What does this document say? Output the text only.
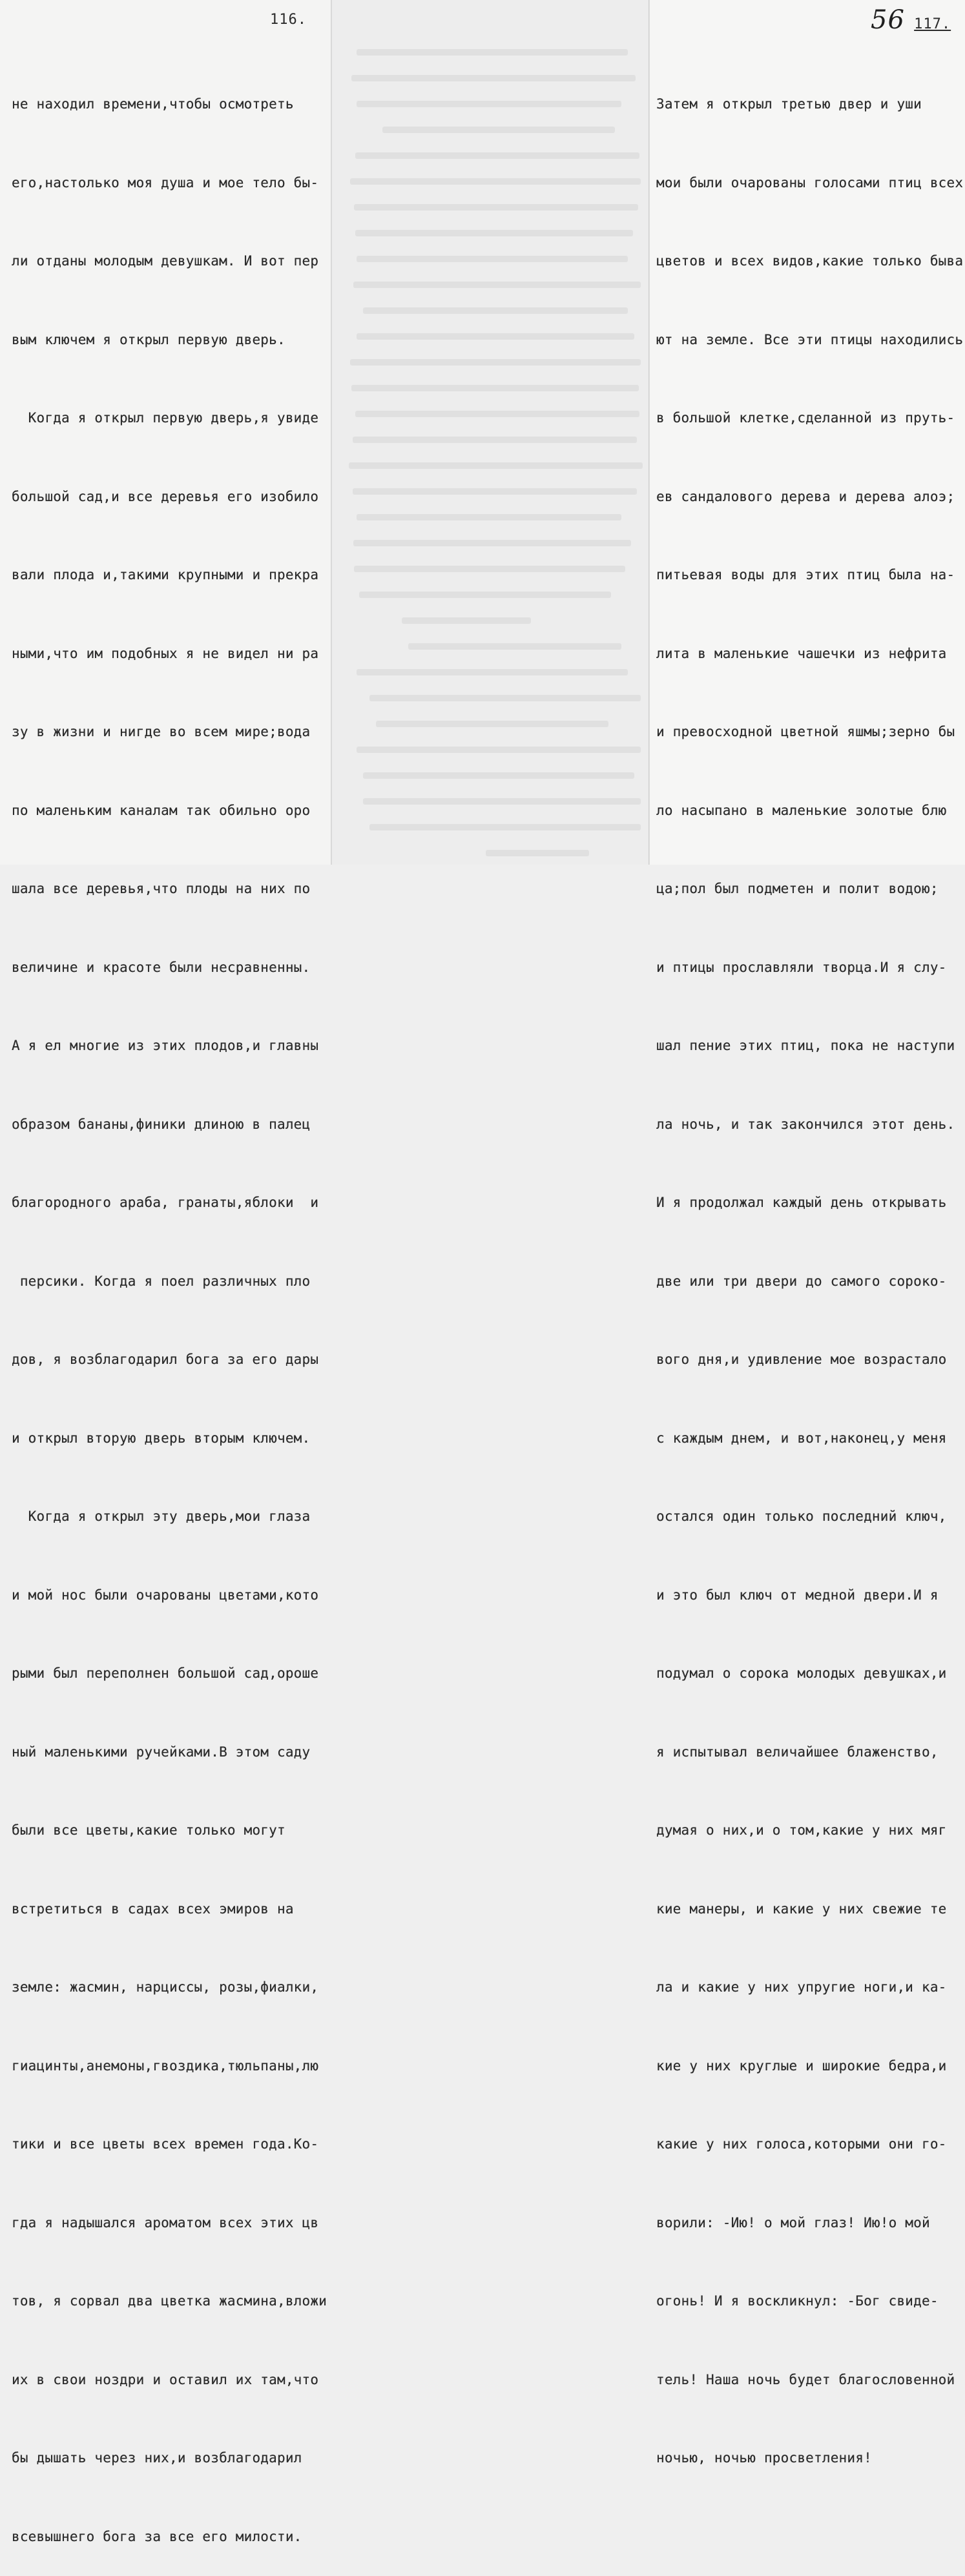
116.	56 117.

не находил времени,чтобы осмотреть

его,настолько моя душа и мое тело бы-

ли отданы молодым девушкам. И вот пер

вым ключем я открыл первую дверь.

Когда я открыл первую дверь,я увиде

большой сад,и все деревья его изобило

вали плода и,такими крупными и прекра

ными,что им подобных я не видел ни ра

зу в жизни и нигде во всем мире;вода

по маленьким каналам так обильно оро

шала все деревья,что плоды на них по

величине и красоте были несравненны.

А я ел многие из этих плодов,и главны

образом бананы,финики длиною в палец

благородного араба, гранаты,яблоки  и

персики. Когда я поел различных пло

дов, я возблагодарил бога за его дары

и открыл вторую дверь вторым ключем.

Когда я открыл эту дверь,мои глаза

и мой нос были очарованы цветами,кото

рыми был переполнен большой сад,ороше

ный маленькими ручейками.В этом саду

были все цветы,какие только могут

встретиться в садах всех эмиров на

земле: жасмин, нарциссы, розы,фиалки,

гиацинты,анемоны,гвоздика,тюльпаны,лю

тики и все цветы всех времен года.Ко-

гда я надышался ароматом всех этих цв

тов, я сорвал два цветка жасмина,вложи

их в свои ноздри и оставил их там,что

бы дышать через них,и возблагодарил

всевышнего бога за все его милости.

Затем я открыл третью двер и уши

мои были очарованы голосами птиц всех

цветов и всех видов,какие только быва

ют на земле. Все эти птицы находились

в большой клетке,сделанной из пруть-

ев сандалового дерева и дерева алоэ;

питьевая воды для этих птиц была на-

лита в маленькие чашечки из нефрита

и превосходной цветной яшмы;зерно бы

ло насыпано в маленькие золотые блю

ца;пол был подметен и полит водою;

и птицы прославляли творца.И я слу-

шал пение этих птиц, пока не наступи

ла ночь, и так закончился этот день.

И я продолжал каждый день открывать

две или три двери до самого сороко-

вого дня,и удивление мое возрастало

с каждым днем, и вот,наконец,у меня

остался один только последний ключ,

и это был ключ от медной двери.И я

подумал о сорока молодых девушках,и

я испытывал величайшее блаженство,

думая о них,и о том,какие у них мяг

кие манеры, и какие у них свежие те

ла и какие у них упругие ноги,и ка-

кие у них круглые и широкие бедра,и

какие у них голоса,которыми они го-

ворили: -Ию! о мой глаз! Ию!о мой

огонь! И я воскликнул: -Бог свиде-

тель! Наша ночь будет благословенной

ночью, ночью просветления!
